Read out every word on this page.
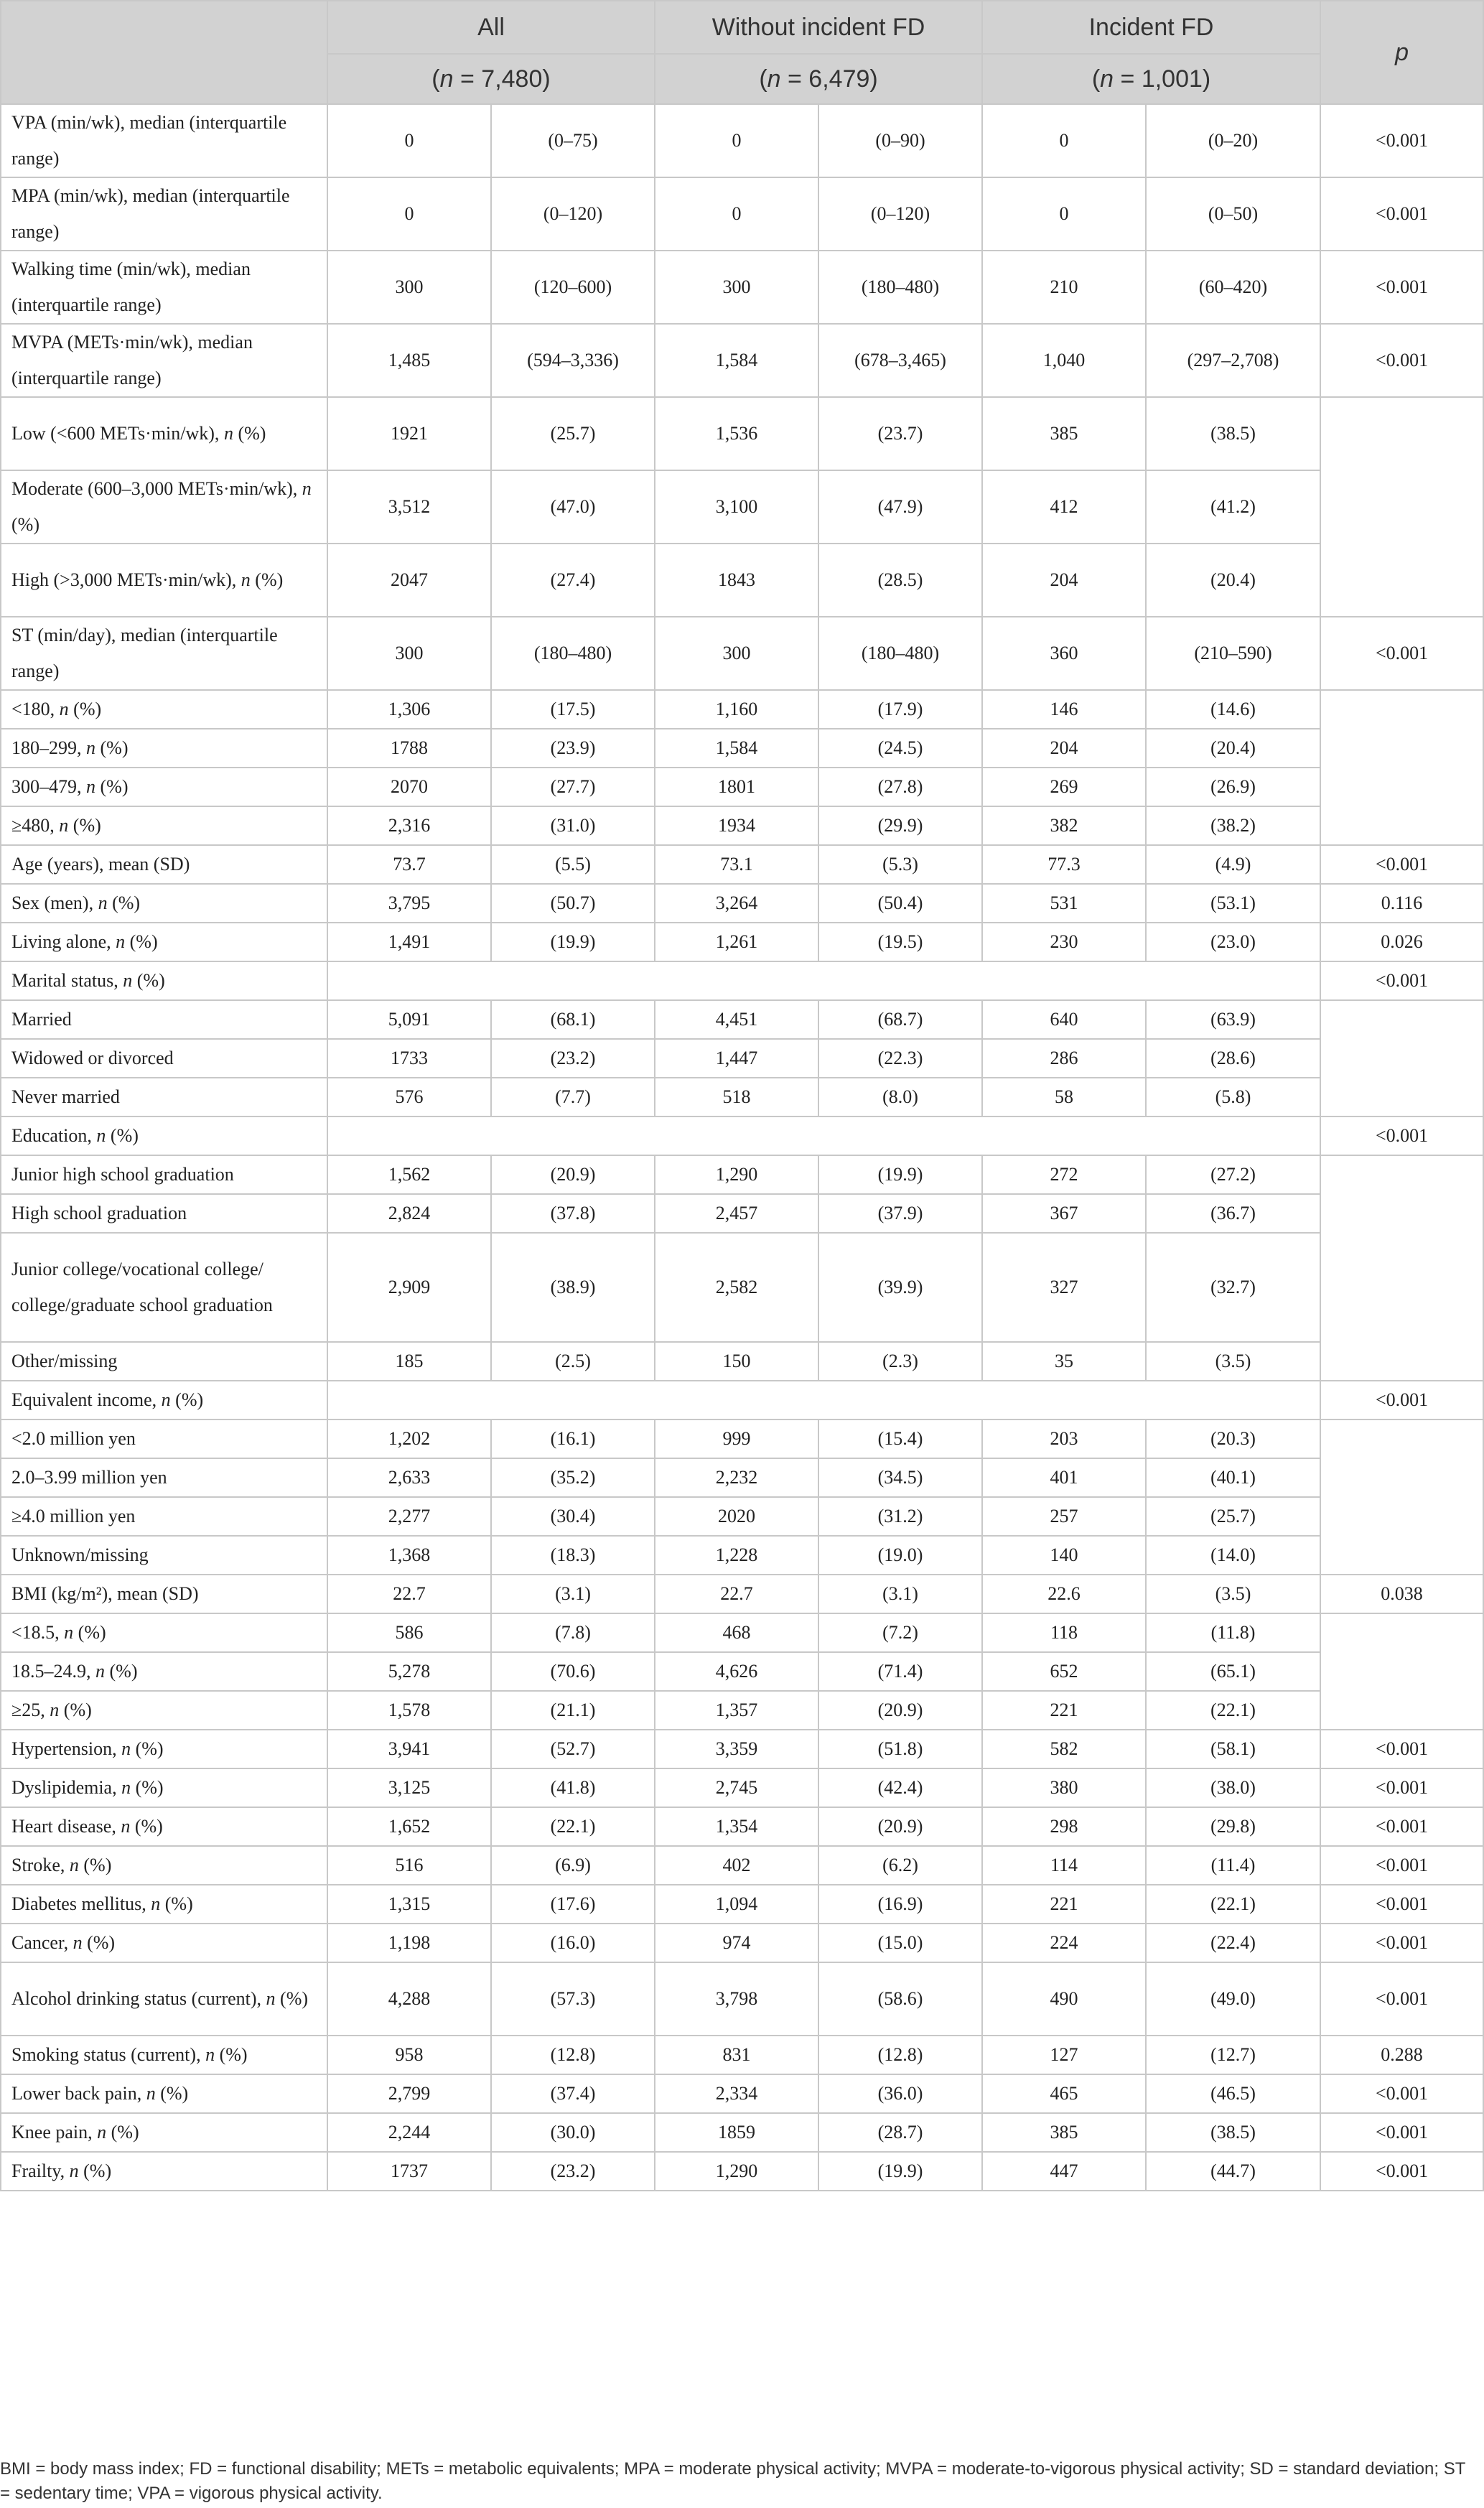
	All		Without incident FD		Incident FD		p
	(n = 7,480)		(n = 6,479)		(n = 1,001)		
VPA (min/wk), median (interquartile range)	0	(0–75)	0	(0–90)	0	(0–20)	<0.001
MPA (min/wk), median (interquartile range)	0	(0–120)	0	(0–120)	0	(0–50)	<0.001
Walking time (min/wk), median (interquartile range)	300	(120–600)	300	(180–480)	210	(60–420)	<0.001
MVPA (METs·min/wk), median (interquartile range)	1,485	(594–3,336)	1,584	(678–3,465)	1,040	(297–2,708)	<0.001
Low (<600 METs·min/wk), n (%)	1921	(25.7)	1,536	(23.7)	385	(38.5)	
Moderate (600–3,000 METs·min/wk), n (%)	3,512	(47.0)	3,100	(47.9)	412	(41.2)	
High (>3,000 METs·min/wk), n (%)	2047	(27.4)	1843	(28.5)	204	(20.4)	
ST (min/day), median (interquartile range)	300	(180–480)	300	(180–480)	360	(210–590)	<0.001
<180, n (%)	1,306	(17.5)	1,160	(17.9)	146	(14.6)	
180–299, n (%)	1788	(23.9)	1,584	(24.5)	204	(20.4)	
300–479, n (%)	2070	(27.7)	1801	(27.8)	269	(26.9)	
≥480, n (%)	2,316	(31.0)	1934	(29.9)	382	(38.2)	
Age (years), mean (SD)	73.7	(5.5)	73.1	(5.3)	77.3	(4.9)	<0.001
Sex (men), n (%)	3,795	(50.7)	3,264	(50.4)	531	(53.1)	0.116
Living alone, n (%)	1,491	(19.9)	1,261	(19.5)	230	(23.0)	0.026
Marital status, n (%)							<0.001
Married	5,091	(68.1)	4,451	(68.7)	640	(63.9)	
Widowed or divorced	1733	(23.2)	1,447	(22.3)	286	(28.6)	
Never married	576	(7.7)	518	(8.0)	58	(5.8)	
Education, n (%)							<0.001
Junior high school graduation	1,562	(20.9)	1,290	(19.9)	272	(27.2)	
High school graduation	2,824	(37.8)	2,457	(37.9)	367	(36.7)	
Junior college/vocational college/ college/graduate school graduation	2,909	(38.9)	2,582	(39.9)	327	(32.7)	
Other/missing	185	(2.5)	150	(2.3)	35	(3.5)	
Equivalent income, n (%)							<0.001
<2.0 million yen	1,202	(16.1)	999	(15.4)	203	(20.3)	
2.0–3.99 million yen	2,633	(35.2)	2,232	(34.5)	401	(40.1)	
≥4.0 million yen	2,277	(30.4)	2020	(31.2)	257	(25.7)	
Unknown/missing	1,368	(18.3)	1,228	(19.0)	140	(14.0)	
BMI (kg/m²), mean (SD)	22.7	(3.1)	22.7	(3.1)	22.6	(3.5)	0.038
<18.5, n (%)	586	(7.8)	468	(7.2)	118	(11.8)	
18.5–24.9, n (%)	5,278	(70.6)	4,626	(71.4)	652	(65.1)	
≥25, n (%)	1,578	(21.1)	1,357	(20.9)	221	(22.1)	
Hypertension, n (%)	3,941	(52.7)	3,359	(51.8)	582	(58.1)	<0.001
Dyslipidemia, n (%)	3,125	(41.8)	2,745	(42.4)	380	(38.0)	<0.001
Heart disease, n (%)	1,652	(22.1)	1,354	(20.9)	298	(29.8)	<0.001
Stroke, n (%)	516	(6.9)	402	(6.2)	114	(11.4)	<0.001
Diabetes mellitus, n (%)	1,315	(17.6)	1,094	(16.9)	221	(22.1)	<0.001
Cancer, n (%)	1,198	(16.0)	974	(15.0)	224	(22.4)	<0.001
Alcohol drinking status (current), n (%)	4,288	(57.3)	3,798	(58.6)	490	(49.0)	<0.001
Smoking status (current), n (%)	958	(12.8)	831	(12.8)	127	(12.7)	0.288
Lower back pain, n (%)	2,799	(37.4)	2,334	(36.0)	465	(46.5)	<0.001
Knee pain, n (%)	2,244	(30.0)	1859	(28.7)	385	(38.5)	<0.001
Frailty, n (%)	1737	(23.2)	1,290	(19.9)	447	(44.7)	<0.001
BMI = body mass index; FD = functional disability; METs = metabolic equivalents; MPA = moderate physical activity; MVPA = moderate-to-vigorous physical activity; SD = standard deviation; ST = sedentary time; VPA = vigorous physical activity.
